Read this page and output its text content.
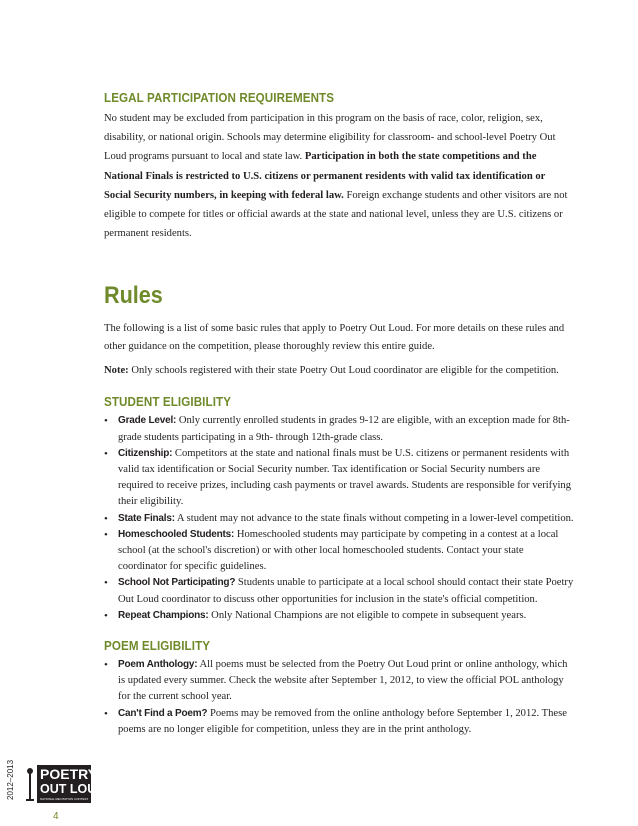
LEGAL PARTICIPATION REQUIREMENTS

No student may be excluded from participation in this program on the basis of race, color, religion, sex, disability, or national origin. Schools may determine eligibility for classroom- and school-level Poetry Out Loud programs pursuant to local and state law. Participation in both the state competitions and the National Finals is restricted to U.S. citizens or permanent residents with valid tax identification or Social Security numbers, in keeping with federal law. Foreign exchange students and other visitors are not eligible to compete for titles or official awards at the state and national level, unless they are U.S. citizens or permanent residents.

Rules

The following is a list of some basic rules that apply to Poetry Out Loud. For more details on these rules and other guidance on the competition, please thoroughly review this entire guide.

Note: Only schools registered with their state Poetry Out Loud coordinator are eligible for the competition.

STUDENT ELIGIBILITY
• Grade Level: Only currently enrolled students in grades 9-12 are eligible, with an exception made for 8th-grade students participating in a 9th- through 12th-grade class.
• Citizenship: Competitors at the state and national finals must be U.S. citizens or permanent residents with valid tax identification or Social Security number. Tax identification or Social Security numbers are required to receive prizes, including cash payments or travel awards. Students are responsible for verifying their eligibility.
• State Finals: A student may not advance to the state finals without competing in a lower-level competition.
• Homeschooled Students: Homeschooled students may participate by competing in a contest at a local school (at the school's discretion) or with other local homeschooled students. Contact your state coordinator for specific guidelines.
• School Not Participating? Students unable to participate at a local school should contact their state Poetry Out Loud coordinator to discuss other opportunities for inclusion in the state's official competition.
• Repeat Champions: Only National Champions are not eligible to compete in subsequent years.
POEM ELIGIBILITY
• Poem Anthology: All poems must be selected from the Poetry Out Loud print or online anthology, which is updated every summer. Check the website after September 1, 2012, to view the official POL anthology for the current school year.
• Can't Find a Poem? Poems may be removed from the online anthology before September 1, 2012. These poems are no longer eligible for competition, unless they are in the print anthology.
2012–2013 POETRY
OUT LOUD
NATIONAL RECITATION CONTEST
4
